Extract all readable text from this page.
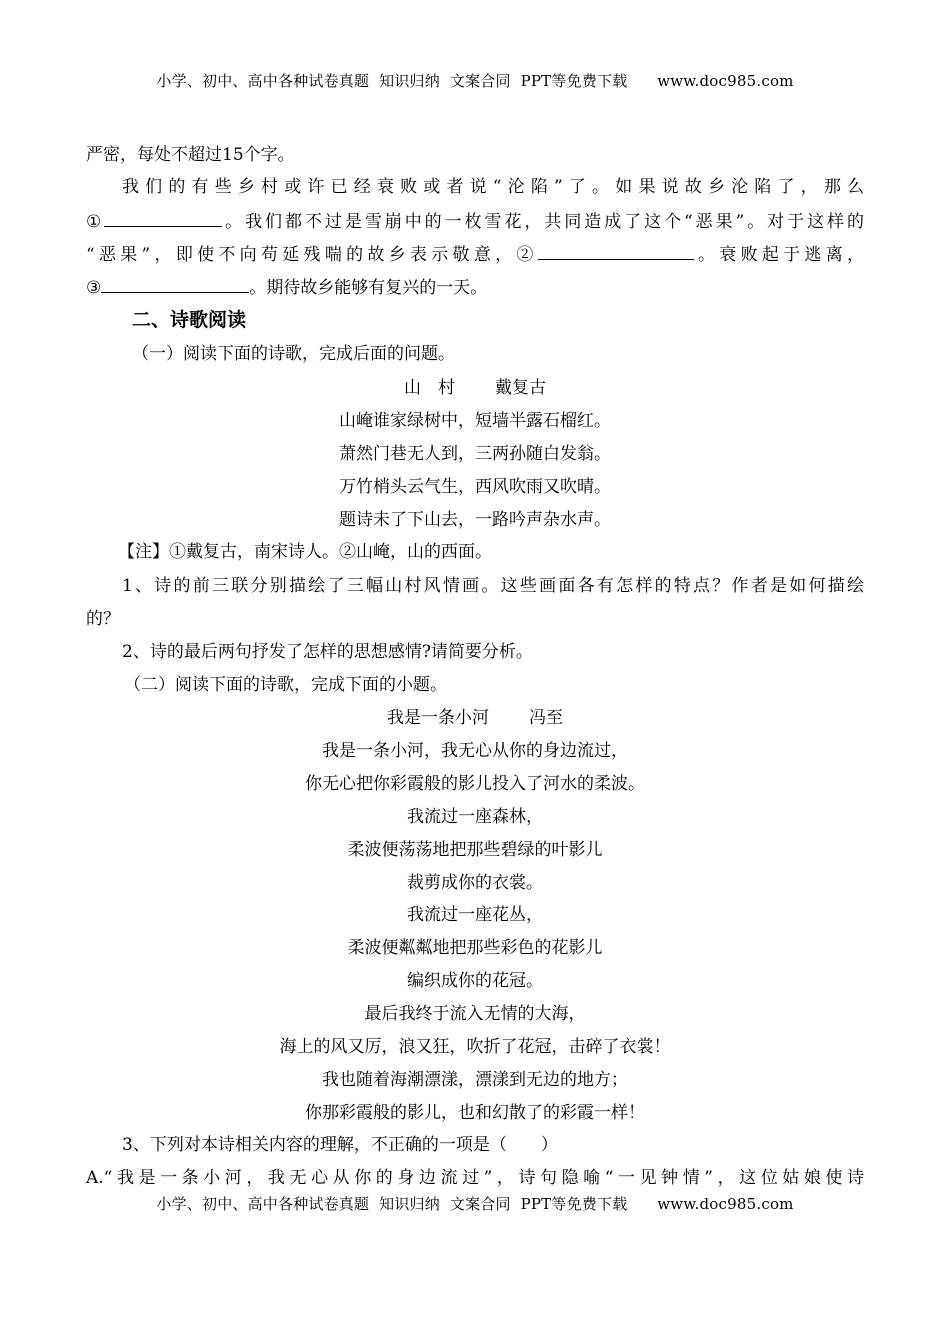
小学、初中、高中各种试卷真题  知识归纳  文案合同  PPT等免费下载      www.doc985.com
严密，每处不超过15个字。
我们的有些乡村或许已经衰败或者说“沦陷”了。如果说故乡沦陷了，那么
①	。我们都不过是雪崩中的一枚雪花，共同造成了这个“恶果”。对于这样的
“恶果”，即使不向苟延残喘的故乡表示敬意，②	。衰败起于逃离，
③	。期待故乡能够有复兴的一天。
二、诗歌阅读
（一）阅读下面的诗歌，完成后面的问题。
山　村 戴复古
山崦谁家绿树中，短墙半露石榴红。
萧然门巷无人到，三两孙随白发翁。
万竹梢头云气生，西风吹雨又吹晴。
题诗未了下山去，一路吟声杂水声。
【注】①戴复古，南宋诗人。②山崦，山的西面。
1、诗的前三联分别描绘了三幅山村风情画。这些画面各有怎样的特点？作者是如何描绘
的？
2、诗的最后两句抒发了怎样的思想感情?请简要分析。
（二）阅读下面的诗歌，完成下面的小题。
我是一条小河 冯至
我是一条小河，我无心从你的身边流过，
你无心把你彩霞般的影儿投入了河水的柔波。
我流过一座森林，
柔波便荡荡地把那些碧绿的叶影儿
裁剪成你的衣裳。
我流过一座花丛，
柔波便粼粼地把那些彩色的花影儿
编织成你的花冠。
最后我终于流入无情的大海，
海上的风又厉，浪又狂，吹折了花冠，击碎了衣裳！
我也随着海潮漂漾，漂漾到无边的地方；
你那彩霞般的影儿，也和幻散了的彩霞一样！
3、下列对本诗相关内容的理解，不正确的一项是（　　）
A.“我是一条小河，我无心从你的身边流过”，诗句隐喻“一见钟情”，这位姑娘使诗
小学、初中、高中各种试卷真题  知识归纳  文案合同  PPT等免费下载      www.doc985.com
